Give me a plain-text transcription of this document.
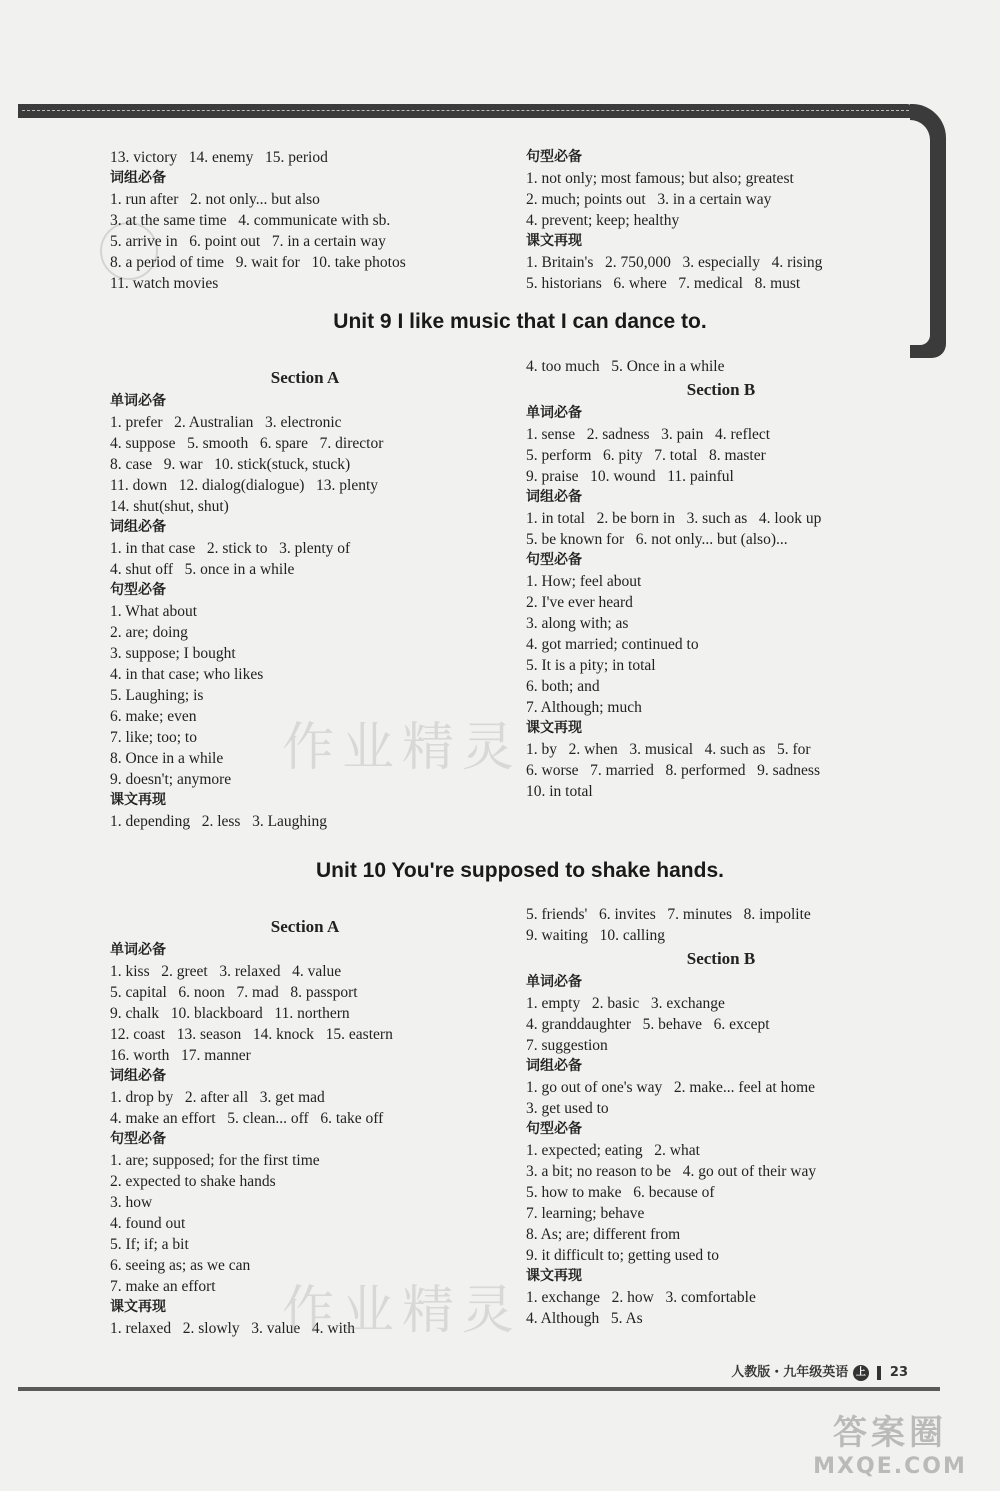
13. victory   14. enemy   15. period
词组必备
1. run after   2. not only... but also
3. at the same time   4. communicate with sb.
5. arrive in   6. point out   7. in a certain way
8. a period of time   9. wait for   10. take photos
11. watch movies
句型必备
1. not only; most famous; but also; greatest
2. much; points out   3. in a certain way
4. prevent; keep; healthy
课文再现
1. Britain's   2. 750,000   3. especially   4. rising
5. historians   6. where   7. medical   8. must
Unit 9 I like music that I can dance to.
Section A
单词必备
1. prefer   2. Australian   3. electronic
4. suppose   5. smooth   6. spare   7. director
8. case   9. war   10. stick(stuck, stuck)
11. down   12. dialog(dialogue)   13. plenty
14. shut(shut, shut)
词组必备
1. in that case   2. stick to   3. plenty of
4. shut off   5. once in a while
句型必备
1. What about
2. are; doing
3. suppose; I bought
4. in that case; who likes
5. Laughing; is
6. make; even
7. like; too; to
8. Once in a while
9. doesn't; anymore
课文再现
1. depending   2. less   3. Laughing
4. too much   5. Once in a while
Section B
单词必备
1. sense   2. sadness   3. pain   4. reflect
5. perform   6. pity   7. total   8. master
9. praise   10. wound   11. painful
词组必备
1. in total   2. be born in   3. such as   4. look up
5. be known for   6. not only... but (also)...
句型必备
1. How; feel about
2. I've ever heard
3. along with; as
4. got married; continued to
5. It is a pity; in total
6. both; and
7. Although; much
课文再现
1. by   2. when   3. musical   4. such as   5. for
6. worse   7. married   8. performed   9. sadness
10. in total
Unit 10 You're supposed to shake hands.
Section A
单词必备
1. kiss   2. greet   3. relaxed   4. value
5. capital   6. noon   7. mad   8. passport
9. chalk   10. blackboard   11. northern
12. coast   13. season   14. knock   15. eastern
16. worth   17. manner
词组必备
1. drop by   2. after all   3. get mad
4. make an effort   5. clean... off   6. take off
句型必备
1. are; supposed; for the first time
2. expected to shake hands
3. how
4. found out
5. If; if; a bit
6. seeing as; as we can
7. make an effort
课文再现
1. relaxed   2. slowly   3. value   4. with
5. friends'   6. invites   7. minutes   8. impolite
9. waiting   10. calling
Section B
单词必备
1. empty   2. basic   3. exchange
4. granddaughter   5. behave   6. except
7. suggestion
词组必备
1. go out of one's way   2. make... feel at home
3. get used to
句型必备
1. expected; eating   2. what
3. a bit; no reason to be   4. go out of their way
5. how to make   6. because of
7. learning; behave
8. As; are; different from
9. it difficult to; getting used to
课文再现
1. exchange   2. how   3. comfortable
4. Although   5. As
作业精灵
作业精灵
人教版・九年级英语 上 23
答案圈
MXQE.COM
